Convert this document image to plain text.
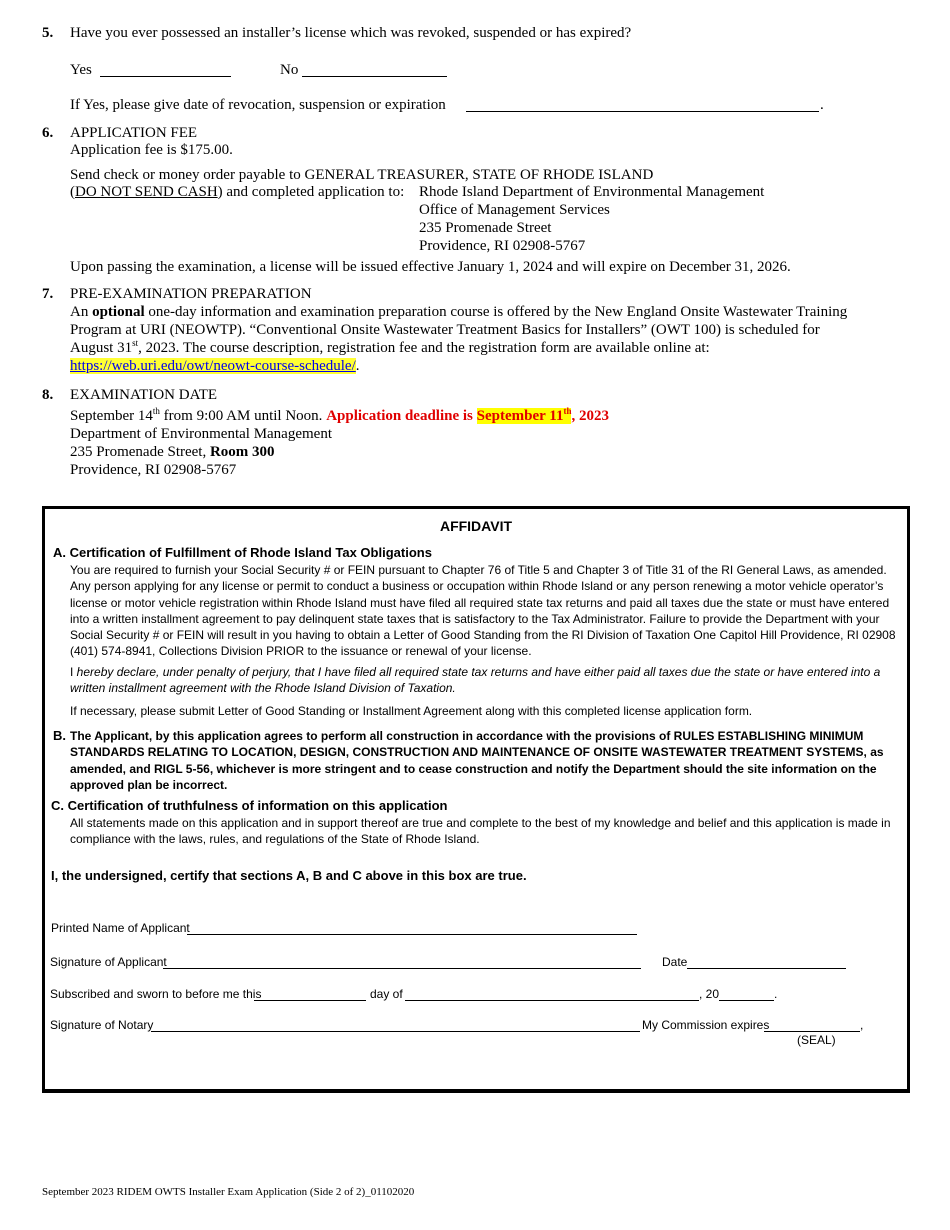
5. Have you ever possessed an installer’s license which was revoked, suspended or has expired?
Yes	No
If Yes, please give date of revocation, suspension or expiration	.
6. APPLICATION FEE
Application fee is $175.00.
Send check or money order payable to GENERAL TREASURER, STATE OF RHODE ISLAND
(DO NOT SEND CASH) and completed application to: Rhode Island Department of Environmental Management
Office of Management Services
235 Promenade Street
Providence, RI 02908-5767
Upon passing the examination, a license will be issued effective January 1, 2024 and will expire on December 31, 2026.
7. PRE-EXAMINATION PREPARATION
An optional one-day information and examination preparation course is offered by the New England Onsite Wastewater Training
Program at URI (NEOWTP). “Conventional Onsite Wastewater Treatment Basics for Installers” (OWT 100) is scheduled for
August 31st, 2023. The course description, registration fee and the registration form are available online at:
https://web.uri.edu/owt/neowt-course-schedule/.
8. EXAMINATION DATE
September 14th from 9:00 AM until Noon. Application deadline is September 11th, 2023
Department of Environmental Management
235 Promenade Street, Room 300
Providence, RI 02908-5767
AFFIDAVIT
A. Certification of Fulfillment of Rhode Island Tax Obligations
You are required to furnish your Social Security # or FEIN pursuant to Chapter 76 of Title 5 and Chapter 3 of Title 31 of the RI General Laws, as amended. Any person applying for any license or permit to conduct a business or occupation within Rhode Island or any person renewing a motor vehicle operator’s license or motor vehicle registration within Rhode Island must have filed all required state tax returns and paid all taxes due the state or must have entered into a written installment agreement to pay delinquent state taxes that is satisfactory to the Tax Administrator. Failure to provide the Department with your Social Security # or FEIN will result in you having to obtain a Letter of Good Standing from the RI Division of Taxation One Capitol Hill Providence, RI 02908 (401) 574-8941, Collections Division PRIOR to the issuance or renewal of your license.
I hereby declare, under penalty of perjury, that I have filed all required state tax returns and have either paid all taxes due the state or have entered into a written installment agreement with the Rhode Island Division of Taxation.
If necessary, please submit Letter of Good Standing or Installment Agreement along with this completed license application form.
B. The Applicant, by this application agrees to perform all construction in accordance with the provisions of RULES ESTABLISHING MINIMUM STANDARDS RELATING TO LOCATION, DESIGN, CONSTRUCTION AND MAINTENANCE OF ONSITE WASTEWATER TREATMENT SYSTEMS, as amended, and RIGL 5-56, whichever is more stringent and to cease construction and notify the Department should the site information on the approved plan be incorrect.
C. Certification of truthfulness of information on this application
All statements made on this application and in support thereof are true and complete to the best of my knowledge and belief and this application is made in compliance with the laws, rules, and regulations of the State of Rhode Island.
I, the undersigned, certify that sections A, B and C above in this box are true.
Printed Name of Applicant
Signature of Applicant	Date
Subscribed and sworn to before me this	day of	, 20	.
Signature of Notary	My Commission expires	,
(SEAL)
September 2023 RIDEM OWTS Installer Exam Application (Side 2 of 2)_01102020
